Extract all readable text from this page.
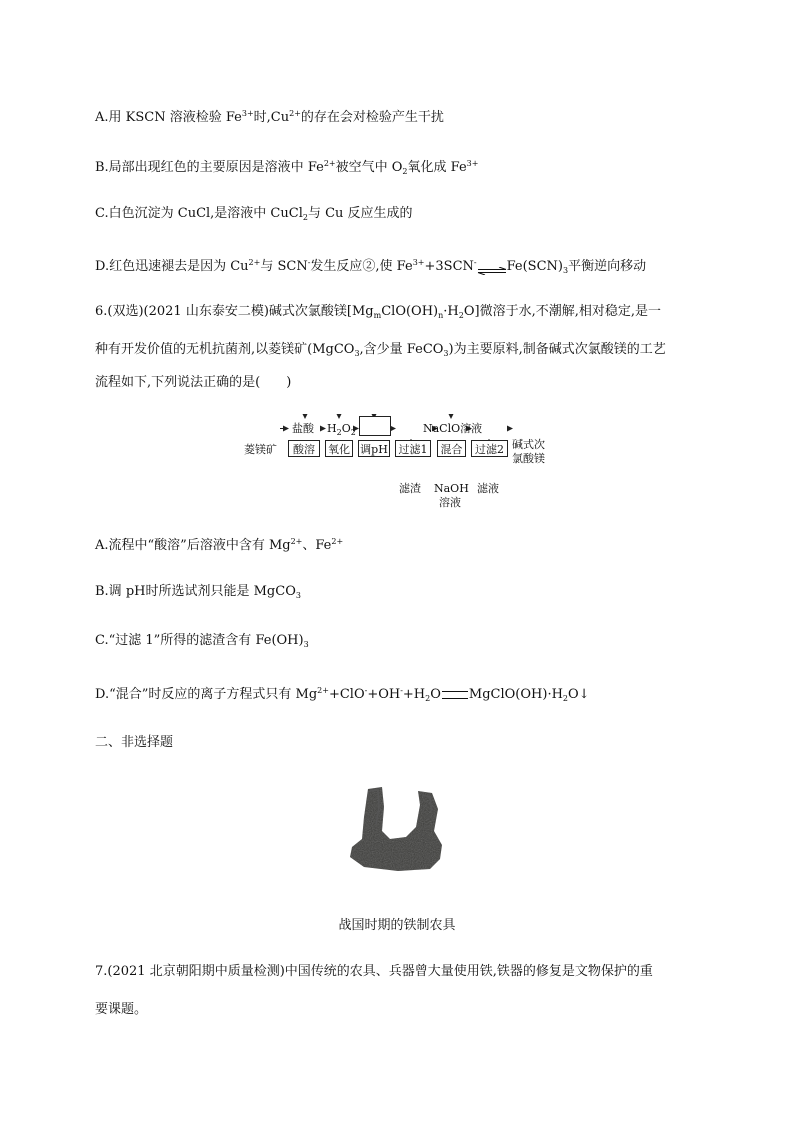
A.用 KSCN 溶液检验 $Fe^{3+}$时$,Cu^{2+}$的存在会对检验产生干扰
B.局部出现红色的主要原因是溶液中 $Fe^{2+}$被空气中 $O_2$氧化成 $Fe^{3+}$
C.白色沉淀为 CuCl,是溶液中 CuCl$_2$与 Cu 反应生成的
D.红色迅速褪去是因为 $Cu^{2+}$与 SCN-发生反应②,使 $Fe^{3+}+3SCN^-\rightleftharpoons Fe(SCN)_3$平衡逆向移动
6.(双选)(2021 山东泰安二模)碱式次氯酸镁$[Mg_mClO(OH)_n\cdot H_2O]$微溶于水,不潮解,相对稳定,是一
种有开发价值的无机抗菌剂,以菱镁矿(MgCO$_3$,含少量 FeCO$_3$)为主要原料,制备碱式次氯酸镁的工艺
流程如下,下列说法正确的是(　　)
盐酸 $H_2O_2$	NaClO溶液
菱镁矿	酸溶	氧化 调pH 过滤1	混合	过滤2 碱式次
氯酸镁
滤渣 NaOH
溶液
滤液
A.流程中“酸溶”后溶液中含有 $Mg^{2+}$、$Fe^{2+}$
B.调 pH时所选试剂只能是 MgCO$_3$
C.“过滤 1”所得的滤渣含有 $Fe(OH)_3$
D.“混合”时反应的离子方程式只有 $Mg^{2+}+ClO^-+OH^-+H_2O$ $MgClO(OH)\cdot H_2O↓$
二、非选择题
战国时期的铁制农具
7.(2021 北京朝阳期中质量检测)中国传统的农具、兵器曾大量使用铁,铁器的修复是文物保护的重
要课题。
